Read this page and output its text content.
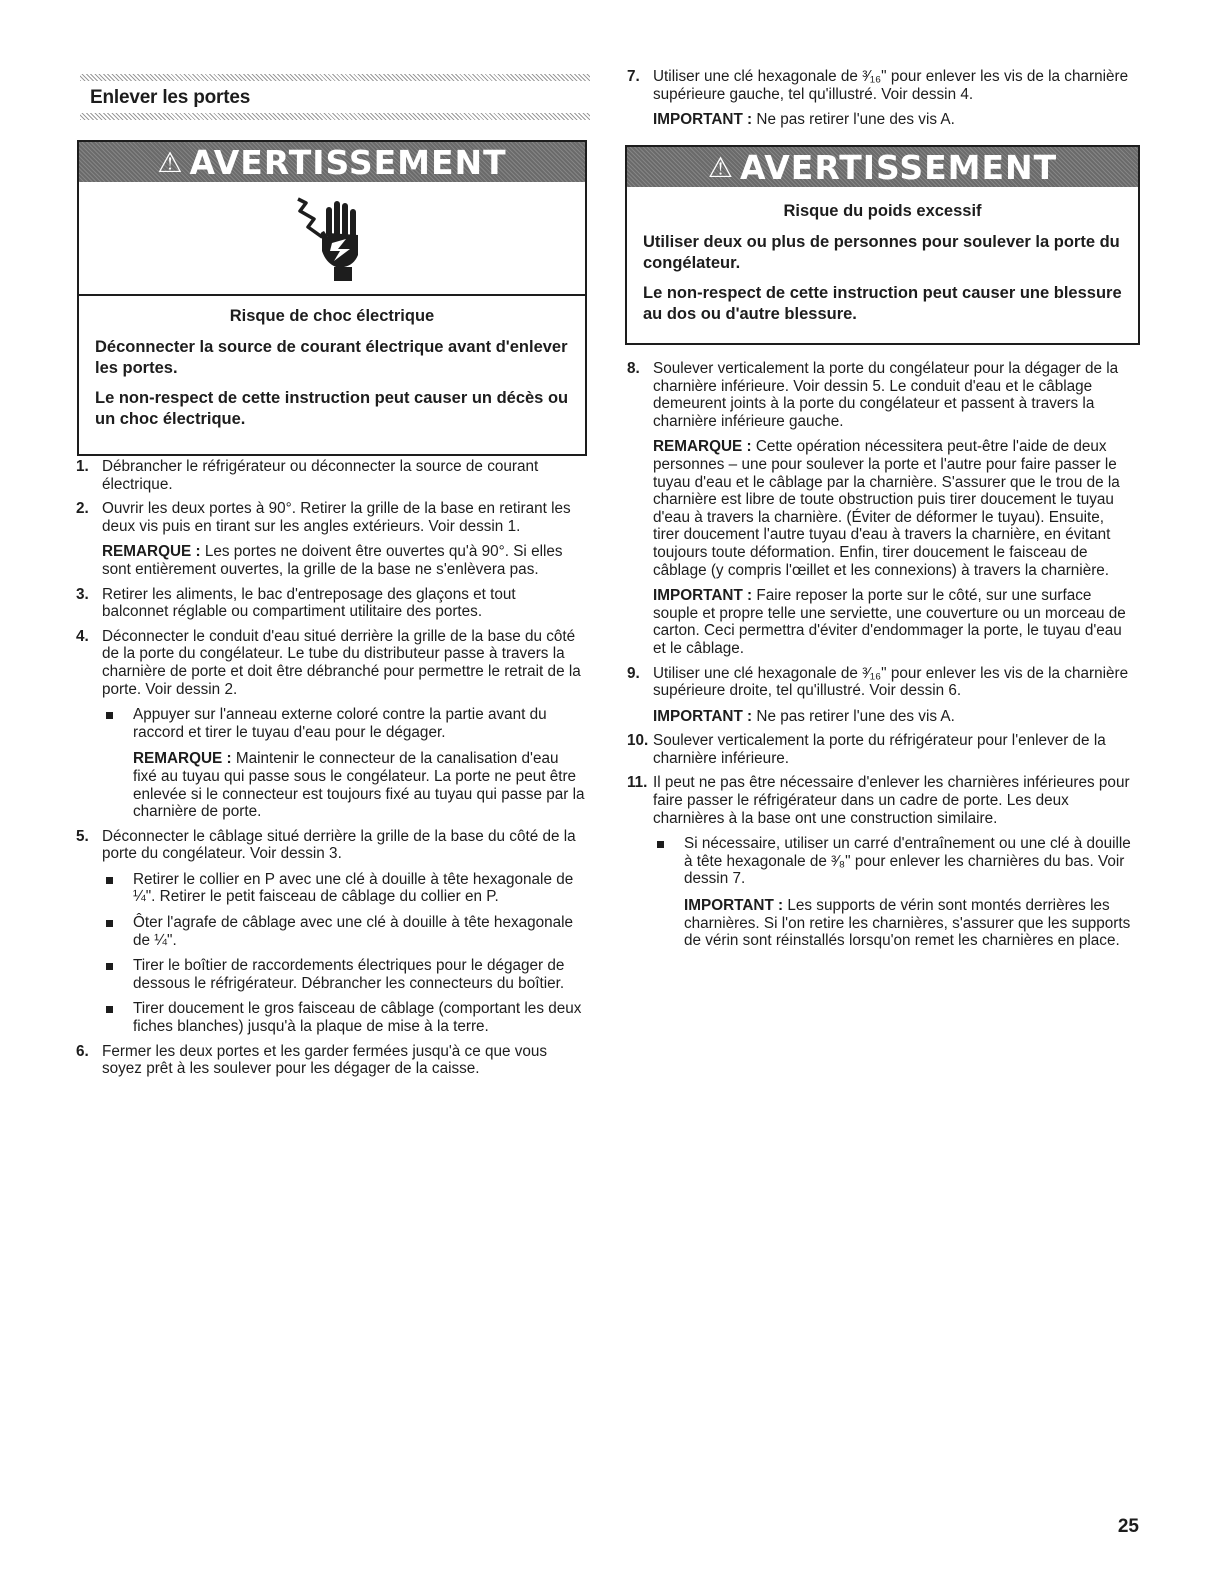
Enlever les portes
⚠ AVERTISSEMENT
Risque de choc électrique

Déconnecter la source de courant électrique avant d'enlever les portes.

Le non-respect de cette instruction peut causer un décès ou un choc électrique.

1. Débrancher le réfrigérateur ou déconnecter la source de courant électrique.
2. Ouvrir les deux portes à 90°. Retirer la grille de la base en retirant les deux vis puis en tirant sur les angles extérieurs. Voir dessin 1.
REMARQUE : Les portes ne doivent être ouvertes qu'à 90°. Si elles sont entièrement ouvertes, la grille de la base ne s'enlèvera pas.
3. Retirer les aliments, le bac d'entreposage des glaçons et tout balconnet réglable ou compartiment utilitaire des portes.
4. Déconnecter le conduit d'eau situé derrière la grille de la base du côté de la porte du congélateur. Le tube du distributeur passe à travers la charnière de porte et doit être débranché pour permettre le retrait de la porte. Voir dessin 2.
Appuyer sur l'anneau externe coloré contre la partie avant du raccord et tirer le tuyau d'eau pour le dégager.
REMARQUE : Maintenir le connecteur de la canalisation d'eau fixé au tuyau qui passe sous le congélateur. La porte ne peut être enlevée si le connecteur est toujours fixé au tuyau qui passe par la charnière de porte.
5. Déconnecter le câblage situé derrière la grille de la base du côté de la porte du congélateur. Voir dessin 3.
Retirer le collier en P avec une clé à douille à tête hexagonale de ¼". Retirer le petit faisceau de câblage du collier en P.
Ôter l'agrafe de câblage avec une clé à douille à tête hexagonale de ¼".
Tirer le boîtier de raccordements électriques pour le dégager de dessous le réfrigérateur. Débrancher les connecteurs du boîtier.
Tirer doucement le gros faisceau de câblage (comportant les deux fiches blanches) jusqu'à la plaque de mise à la terre.
6. Fermer les deux portes et les garder fermées jusqu'à ce que vous soyez prêt à les soulever pour les dégager de la caisse.
7. Utiliser une clé hexagonale de ³⁄₁₆" pour enlever les vis de la charnière supérieure gauche, tel qu'illustré. Voir dessin 4.
IMPORTANT : Ne pas retirer l'une des vis A.
⚠ AVERTISSEMENT
Risque du poids excessif

Utiliser deux ou plus de personnes pour soulever la porte du congélateur.

Le non-respect de cette instruction peut causer une blessure au dos ou d'autre blessure.

8. Soulever verticalement la porte du congélateur pour la dégager de la charnière inférieure. Voir dessin 5. Le conduit d'eau et le câblage demeurent joints à la porte du congélateur et passent à travers la charnière inférieure gauche.
REMARQUE : Cette opération nécessitera peut-être l'aide de deux personnes – une pour soulever la porte et l'autre pour faire passer le tuyau d'eau et le câblage par la charnière. S'assurer que le trou de la charnière est libre de toute obstruction puis tirer doucement le tuyau d'eau à travers la charnière. (Éviter de déformer le tuyau). Ensuite, tirer doucement l'autre tuyau d'eau à travers la charnière, en évitant toujours toute déformation. Enfin, tirer doucement le faisceau de câblage (y compris l'œillet et les connexions) à travers la charnière.
IMPORTANT : Faire reposer la porte sur le côté, sur une surface souple et propre telle une serviette, une couverture ou un morceau de carton. Ceci permettra d'éviter d'endommager la porte, le tuyau d'eau et le câblage.
9. Utiliser une clé hexagonale de ³⁄₁₆" pour enlever les vis de la charnière supérieure droite, tel qu'illustré. Voir dessin 6.
IMPORTANT : Ne pas retirer l'une des vis A.
10. Soulever verticalement la porte du réfrigérateur pour l'enlever de la charnière inférieure.
11. Il peut ne pas être nécessaire d'enlever les charnières inférieures pour faire passer le réfrigérateur dans un cadre de porte. Les deux charnières à la base ont une construction similaire.
Si nécessaire, utiliser un carré d'entraînement ou une clé à douille à tête hexagonale de ³⁄₈" pour enlever les charnières du bas. Voir dessin 7.
IMPORTANT : Les supports de vérin sont montés derrières les charnières. Si l'on retire les charnières, s'assurer que les supports de vérin sont réinstallés lorsqu'on remet les charnières en place.
25
